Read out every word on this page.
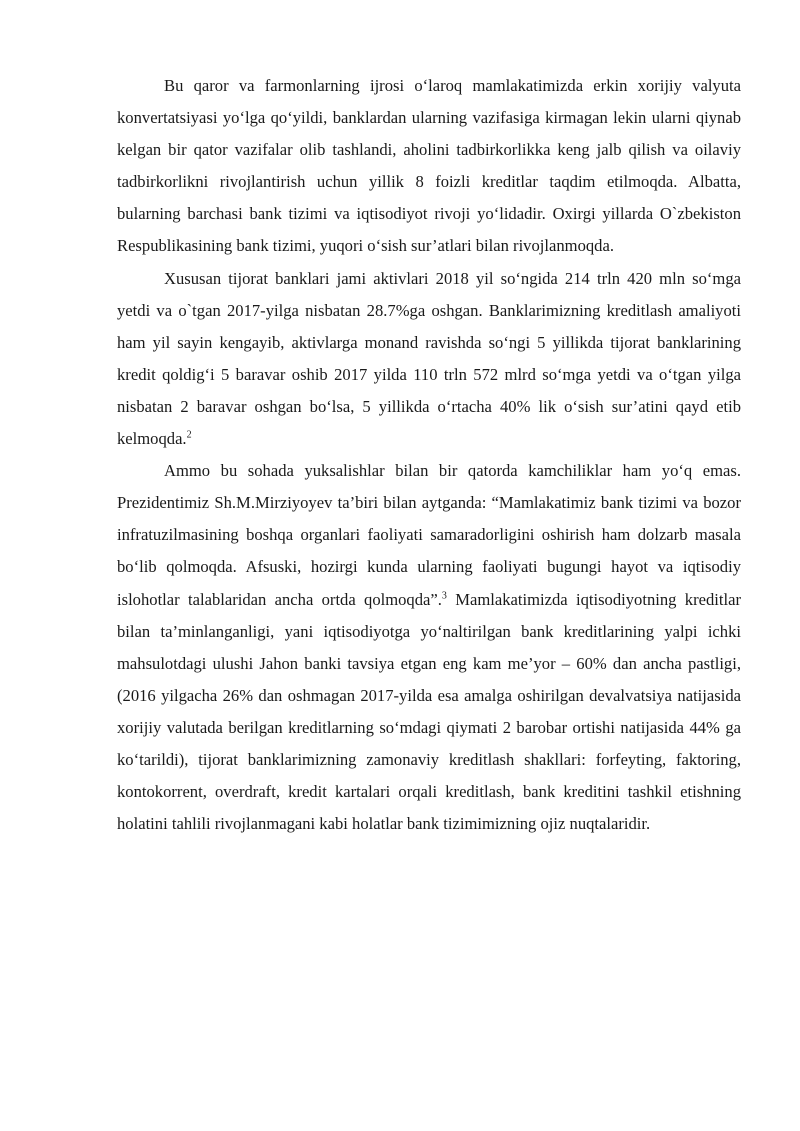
Bu qaror va farmonlarning ijrosi oʻlaroq mamlakatimizda erkin xorijiy valyuta konvertatsiyasi yoʻlga qoʻyildi, banklardan ularning vazifasiga kirmagan lekin ularni qiynab kelgan bir qator vazifalar olib tashlandi, aholini tadbirkorlikka keng jalb qilish va oilaviy tadbirkorlikni rivojlantirish uchun yillik 8 foizli kreditlar taqdim etilmoqda. Albatta, bularning barchasi bank tizimi va iqtisodiyot rivoji yoʻlidadir. Oxirgi yillarda O`zbekiston Respublikasining bank tizimi, yuqori oʻsish sur’atlari bilan rivojlanmoqda.

Xususan tijorat banklari jami aktivlari 2018 yil soʻngida 214 trln 420 mln soʻmga yetdi va o`tgan 2017-yilga nisbatan 28.7%ga oshgan. Banklarimizning kreditlash amaliyoti ham yil sayin kengayib, aktivlarga monand ravishda soʻngi 5 yillikda tijorat banklarining kredit qoldigʻi 5 baravar oshib 2017 yilda 110 trln 572 mlrd soʻmga yetdi va oʻtgan yilga nisbatan 2 baravar oshgan boʻlsa, 5 yillikda oʻrtacha 40% lik oʻsish sur’atini qayd etib kelmoqda.$^2$

Ammo bu sohada yuksalishlar bilan bir qatorda kamchiliklar ham yoʻq emas. Prezidentimiz Sh.M.Mirziyoyev ta’biri bilan aytganda: “Mamlakatimiz bank tizimi va bozor infratuzilmasining boshqa organlari faoliyati samaradorligini oshirish ham dolzarb masala boʻlib qolmoqda. Afsuski, hozirgi kunda ularning faoliyati bugungi hayot va iqtisodiy islohotlar talablaridan ancha ortda qolmoqda”.$^3$ Mamlakatimizda iqtisodiyotning kreditlar bilan ta’minlanganligi, yani iqtisodiyotga yoʻnaltirilgan bank kreditlarining yalpi ichki mahsulotdagi ulushi Jahon banki tavsiya etgan eng kam me’yor – 60% dan ancha pastligi, (2016 yilgacha 26% dan oshmagan 2017-yilda esa amalga oshirilgan devalvatsiya natijasida xorijiy valutada berilgan kreditlarning soʻmdagi qiymati 2 barobar ortishi natijasida 44% ga koʻtarildi), tijorat banklarimizning zamonaviy kreditlash shakllari: forfeyting, faktoring, kontokorrent, overdraft, kredit kartalari orqali kreditlash, bank kreditini tashkil etishning holatini tahlili rivojlanmagani kabi holatlar bank tizimimizning ojiz nuqtalaridir.
